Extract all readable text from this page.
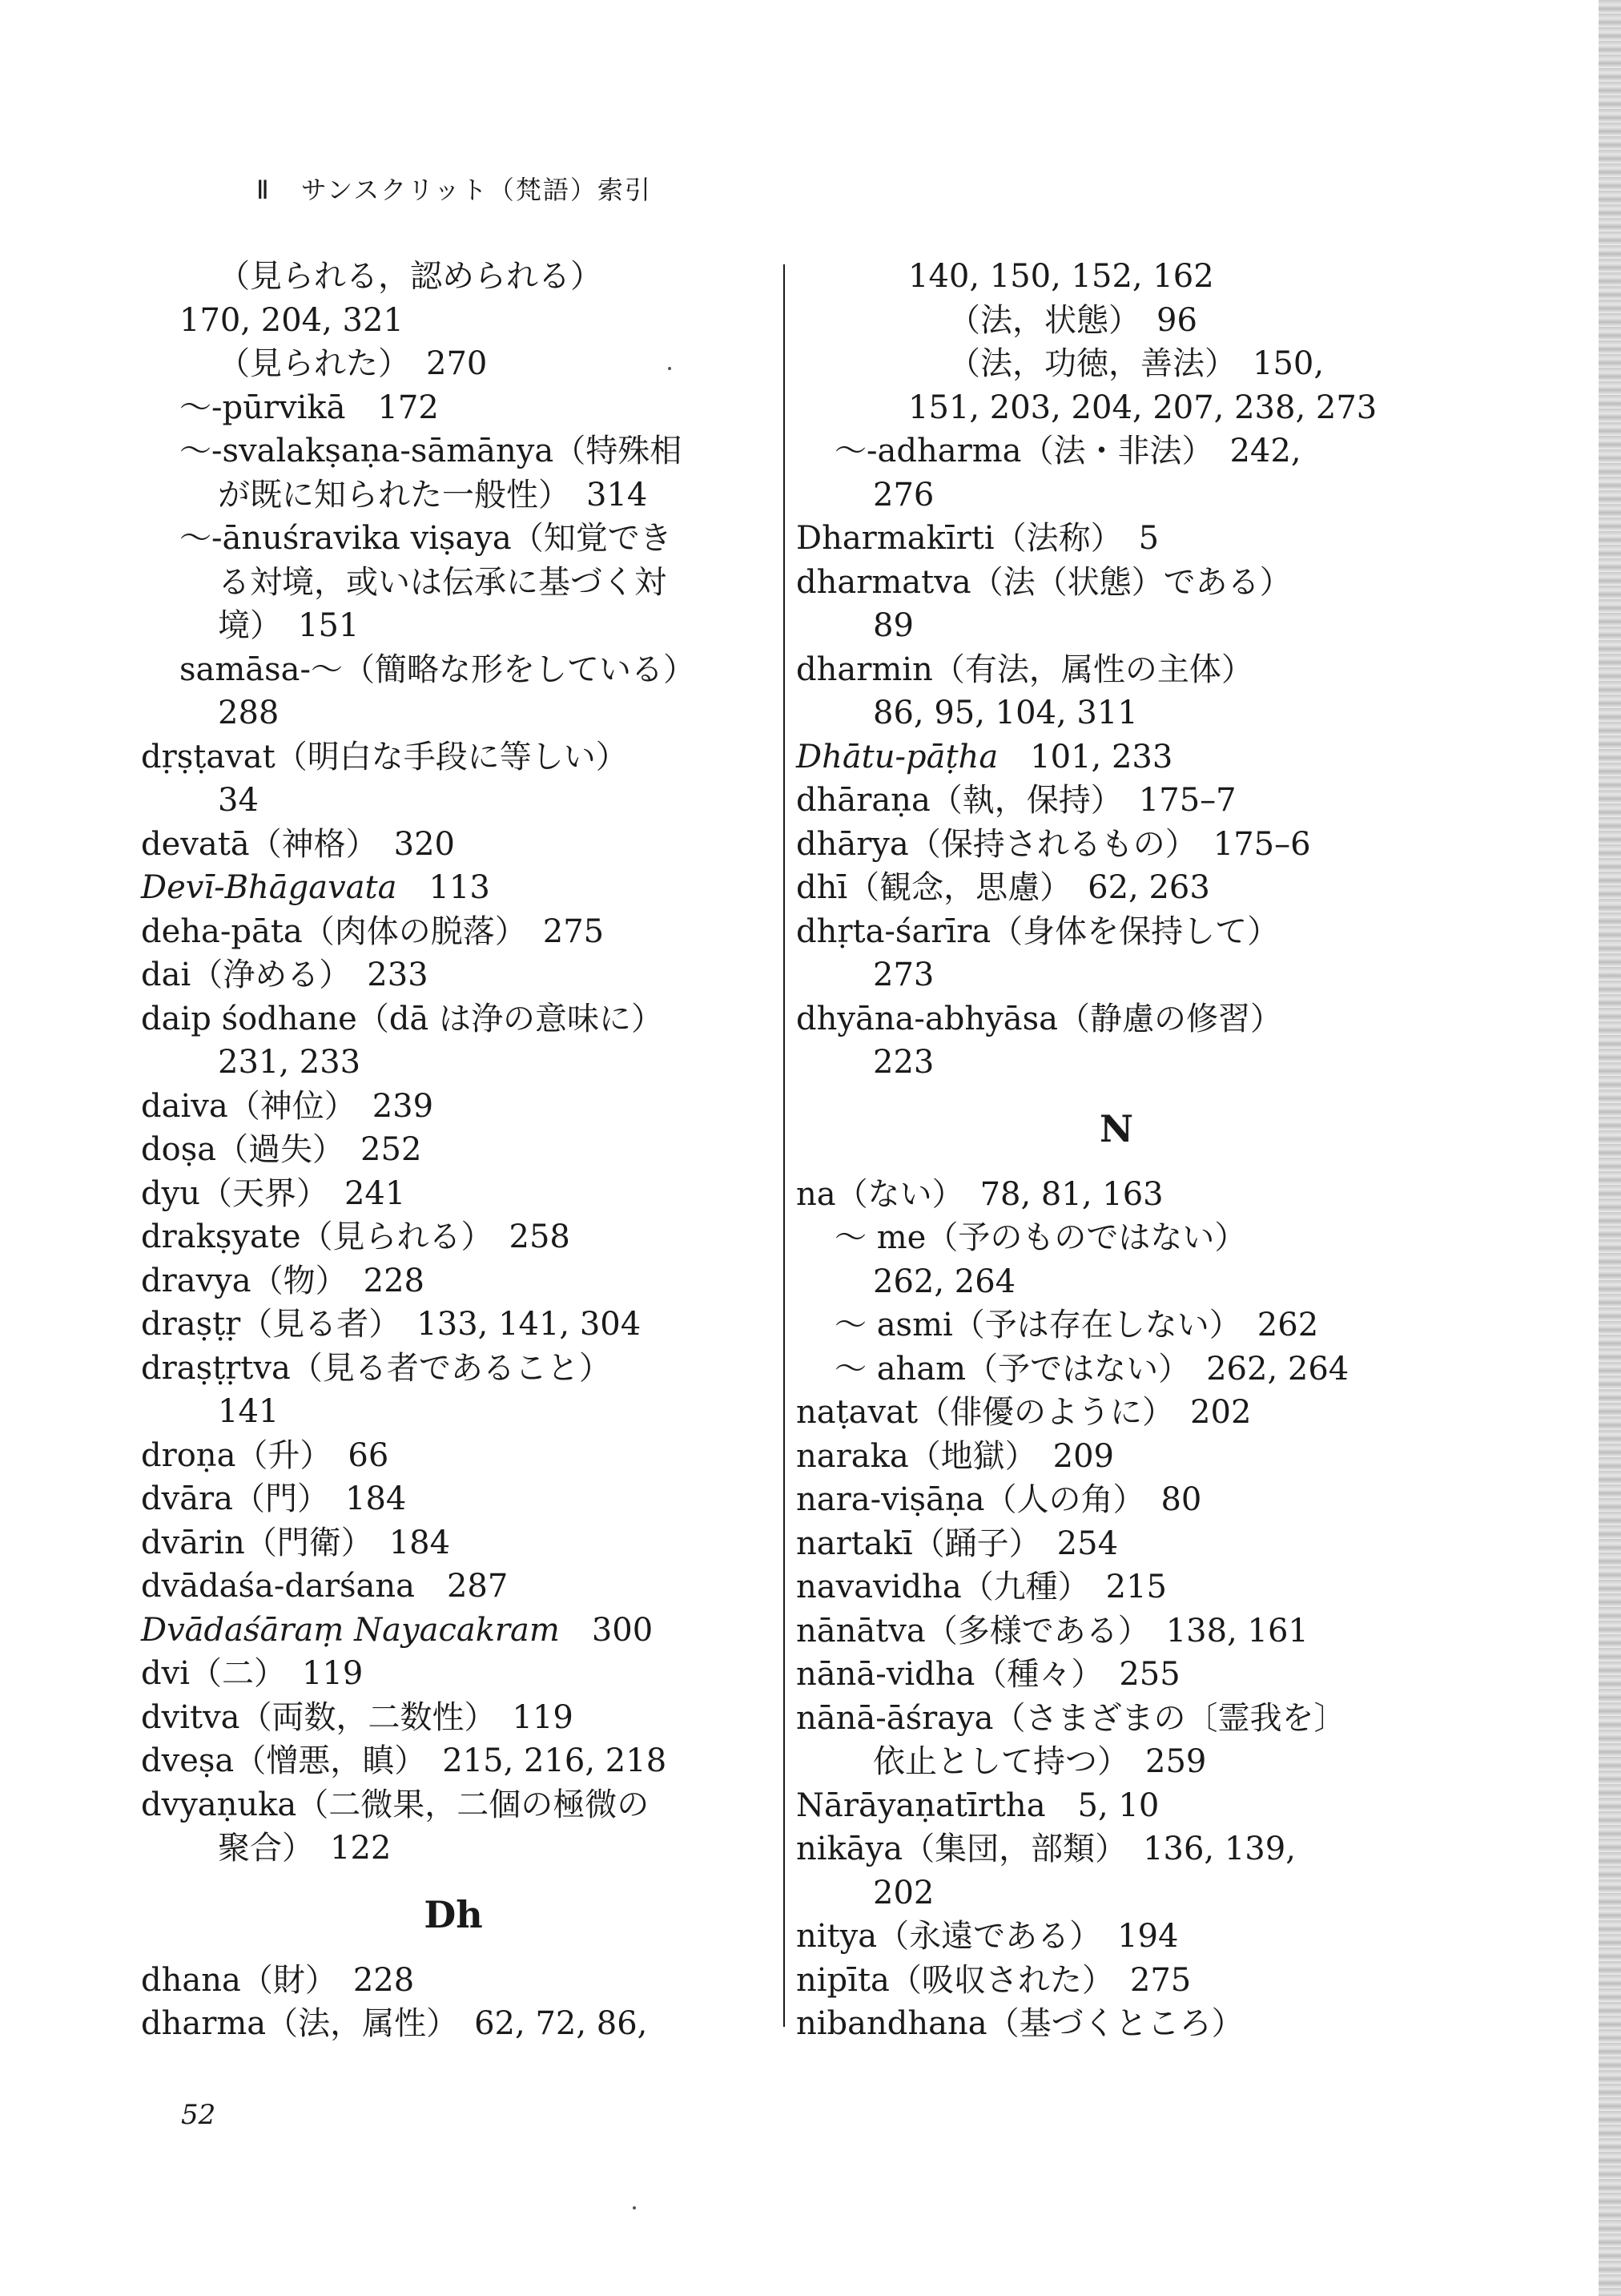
Ⅱ サンスクリット（梵語）索引
（見られる，認められる）
170, 204, 321
（見られた）　270
〜-pūrvikā　172
〜-svalakṣaṇa-sāmānya（特殊相
が既に知られた一般性）　314
〜-ānuśravika viṣaya（知覚でき
る対境，或いは伝承に基づく対
境）　151
samāsa-〜（簡略な形をしている）
288
dṛṣṭavat（明白な手段に等しい）
34
devatā（神格）　320
Devī-Bhāgavata　113
deha-pāta（肉体の脱落）　275
dai（浄める）　233
daip śodhane（dā は浄の意味に）
231, 233
daiva（神位）　239
doṣa（過失）　252
dyu（天界）　241
drakṣyate（見られる）　258
dravya（物）　228
draṣṭṛ（見る者）　133, 141, 304
draṣṭṛtva（見る者であること）
141
droṇa（升）　66
dvāra（門）　184
dvārin（門衛）　184
dvādaśa-darśana　287
Dvādaśāraṃ Nayacakram　300
dvi（二）　119
dvitva（両数，二数性）　119
dveṣa（憎悪，瞋）　215, 216, 218
dvyaṇuka（二微果，二個の極微の
聚合）　122
Dh
dhana（財）　228
dharma（法，属性）　62, 72, 86,
140, 150, 152, 162
（法，状態）　96
（法，功徳，善法）　150,
151, 203, 204, 207, 238, 273
〜-adharma（法・非法）　242,
276
Dharmakīrti（法称）　5
dharmatva（法（状態）である）
89
dharmin（有法，属性の主体）
86, 95, 104, 311
Dhātu-pāṭha　101, 233
dhāraṇa（執，保持）　175–7
dhārya（保持されるもの）　175–6
dhī（観念，思慮）　62, 263
dhṛta-śarīra（身体を保持して）
273
dhyāna-abhyāsa（静慮の修習）
223
N
na（ない）　78, 81, 163
〜 me（予のものではない）
262, 264
〜 asmi（予は存在しない）　262
〜 aham（予ではない）　262, 264
naṭavat（俳優のように）　202
naraka（地獄）　209
nara-viṣāṇa（人の角）　80
nartakī（踊子）　254
navavidha（九種）　215
nānātva（多様である）　138, 161
nānā-vidha（種々）　255
nānā-āśraya（さまざまの〔霊我を〕
依止として持つ）　259
Nārāyaṇatīrtha　5, 10
nikāya（集団，部類）　136, 139,
202
nitya（永遠である）　194
nipīta（吸収された）　275
nibandhana（基づくところ）
52
